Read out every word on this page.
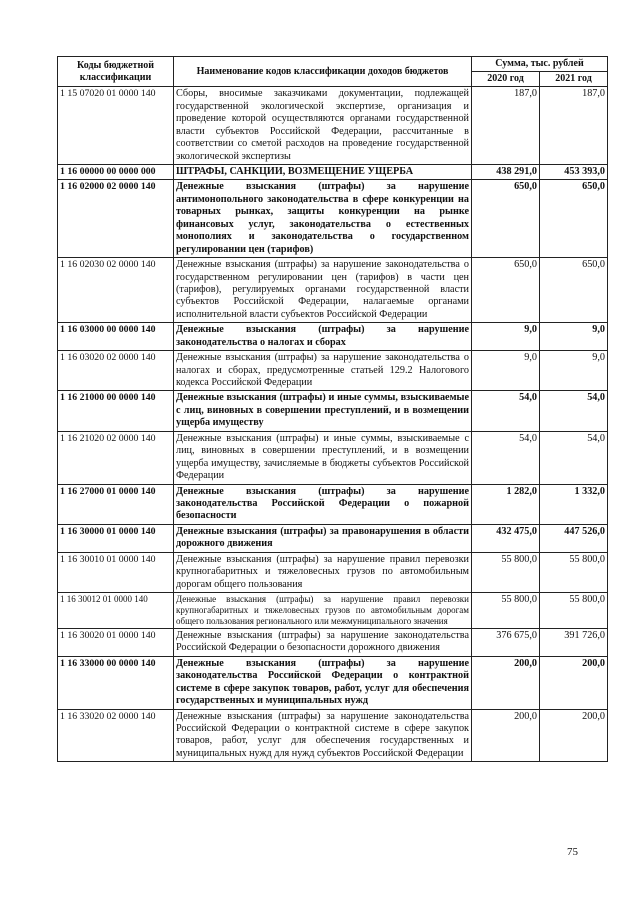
Коды бюджетной классификации	Наименование кодов классификации доходов бюджетов	Сумма, тыс. рублей	
		2020 год	2021 год
1 15 07020 01 0000 140	Сборы, вносимые заказчиками документации, подлежащей государственной экологической экспертизе, организация и проведение которой осуществляются органами государственной власти субъектов Российской Федерации, рассчитанные в соответствии со сметой расходов на проведение государственной экологической экспертизы	187,0	187,0
1 16 00000 00 0000 000	ШТРАФЫ, САНКЦИИ, ВОЗМЕЩЕНИЕ УЩЕРБА	438 291,0	453 393,0
1 16 02000 02 0000 140	Денежные взыскания (штрафы) за нарушение антимонопольного законодательства в сфере конкуренции на товарных рынках, защиты конкуренции на рынке финансовых услуг, законодательства о естественных монополиях и законодательства о государственном регулировании цен (тарифов)	650,0	650,0
1 16 02030 02 0000 140	Денежные взыскания (штрафы) за нарушение законодательства о государственном регулировании цен (тарифов) в части цен (тарифов), регулируемых органами государственной власти субъектов Российской Федерации, налагаемые органами исполнительной власти субъектов Российской Федерации	650,0	650,0
1 16 03000 00 0000 140	Денежные взыскания (штрафы) за нарушение законодательства о налогах и сборах	9,0	9,0
1 16 03020 02 0000 140	Денежные взыскания (штрафы) за нарушение законодательства о налогах и сборах, предусмотренные статьей 129.2 Налогового кодекса Российской Федерации	9,0	9,0
1 16 21000 00 0000 140	Денежные взыскания (штрафы) и иные суммы, взыскиваемые с лиц, виновных в совершении преступлений, и в возмещении ущерба имуществу	54,0	54,0
1 16 21020 02 0000 140	Денежные взыскания (штрафы) и иные суммы, взыскиваемые с лиц, виновных в совершении преступлений, и в возмещении ущерба имуществу, зачисляемые в бюджеты субъектов Российской Федерации	54,0	54,0
1 16 27000 01 0000 140	Денежные взыскания (штрафы) за нарушение законодательства Российской Федерации о пожарной безопасности	1 282,0	1 332,0
1 16 30000 01 0000 140	Денежные взыскания (штрафы) за правонарушения в области дорожного движения	432 475,0	447 526,0
1 16 30010 01 0000 140	Денежные взыскания (штрафы) за нарушение правил перевозки крупногабаритных и тяжеловесных грузов по автомобильным дорогам общего пользования	55 800,0	55 800,0
1 16 30012 01 0000 140	Денежные взыскания (штрафы) за нарушение правил перевозки крупногабаритных и тяжеловесных грузов по автомобильным дорогам общего пользования регионального или межмуниципального значения	55 800,0	55 800,0
1 16 30020 01 0000 140	Денежные взыскания (штрафы) за нарушение законодательства Российской Федерации о безопасности дорожного движения	376 675,0	391 726,0
1 16 33000 00 0000 140	Денежные взыскания (штрафы) за нарушение законодательства Российской Федерации о контрактной системе в сфере закупок товаров, работ, услуг для обеспечения государственных и муниципальных нужд	200,0	200,0
1 16 33020 02 0000 140	Денежные взыскания (штрафы) за нарушение законодательства Российской Федерации о контрактной системе в сфере закупок товаров, работ, услуг для обеспечения государственных и муниципальных нужд для нужд субъектов Российской Федерации	200,0	200,0
75
